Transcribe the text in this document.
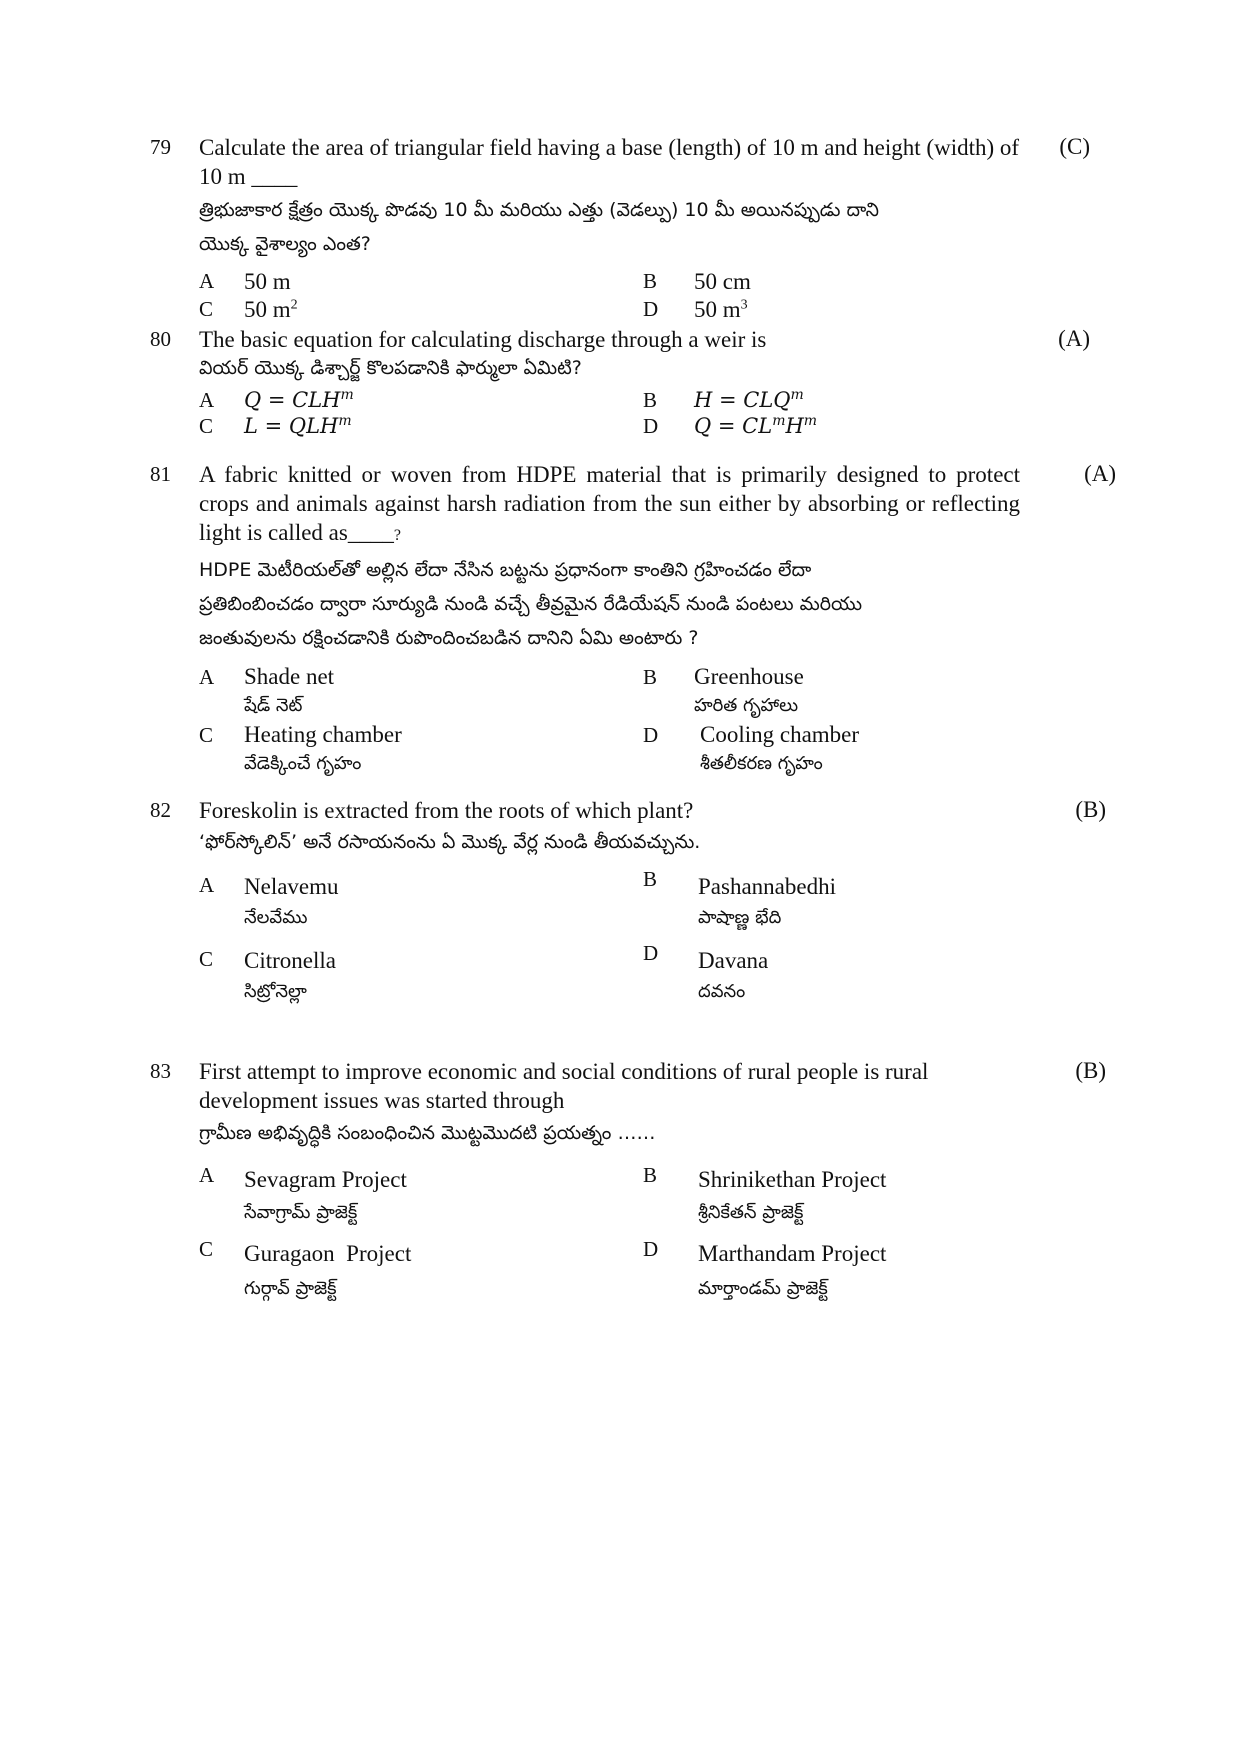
79	(C)

Calculate the area of triangular field having a base (length) of 10 m and height (width) of 10 m ____

త్రిభుజాకార క్షేత్రం యొక్క పొడవు 10 మీ మరియు ఎత్తు (వెడల్పు) 10 మీ అయినప్పుడు దాని

యొక్క వైశాల్యం ఎంత?

A 50 m	B 50 cm
C 50 $m^2$	D 50 $m^3$
80	(A)

The basic equation for calculating discharge through a weir is

వియర్ యొక్క డిశ్చార్జ్ కొలపడానికి ఫార్ములా ఏమిటి?

A $Q = CLH^m$	B $H = CLQ^m$
C $L = QLH^m$	D $Q = CL^mH^m$
81	(A)

A fabric knitted or woven from HDPE material that is primarily designed to protect crops and animals against harsh radiation from the sun either by absorbing or reflecting light is called as____?

HDPE మెటీరియల్‌తో అల్లిన లేదా నేసిన బట్టను ప్రధానంగా కాంతిని గ్రహించడం లేదా

ప్రతిబింబించడం ద్వారా సూర్యుడి నుండి వచ్చే తీవ్రమైన రేడియేషన్ నుండి పంటలు మరియు

జంతువులను రక్షించడానికి రుపొందించబడిన దానిని ఏమి అంటారు ?

A Shade net
షేడ్ నెట్
B Greenhouse
హరిత గృహాలు
C Heating chamber
వేడెక్కించే గృహం
D Cooling chamber
శీతలీకరణ గృహం
82	(B)

Foreskolin is extracted from the roots of which plant?

‘ఫోర్‌స్కోలిన్’ అనే రసాయనంను ఏ మొక్క వేర్ల నుండి తీయవచ్చును.

A Nelavemu
నేలవేము
B Pashannabedhi
పాషాణ్ణ భేది
C Citronella
సిట్రోనెల్లా
D Davana
దవనం
83	(B)

First attempt to improve economic and social conditions of rural people is rural development issues was started through

గ్రామీణ అభివృద్ధికి సంబంధించిన మొట్టమొదటి ప్రయత్నం ……

A Sevagram Project
సేవాగ్రామ్ ప్రాజెక్ట్
B Shrinikethan Project
శ్రీనికేతన్ ప్రాజెక్ట్
C Guragaon  Project
గుర్గావ్ ప్రాజెక్ట్
D Marthandam Project
మార్తాండమ్ ప్రాజెక్ట్
